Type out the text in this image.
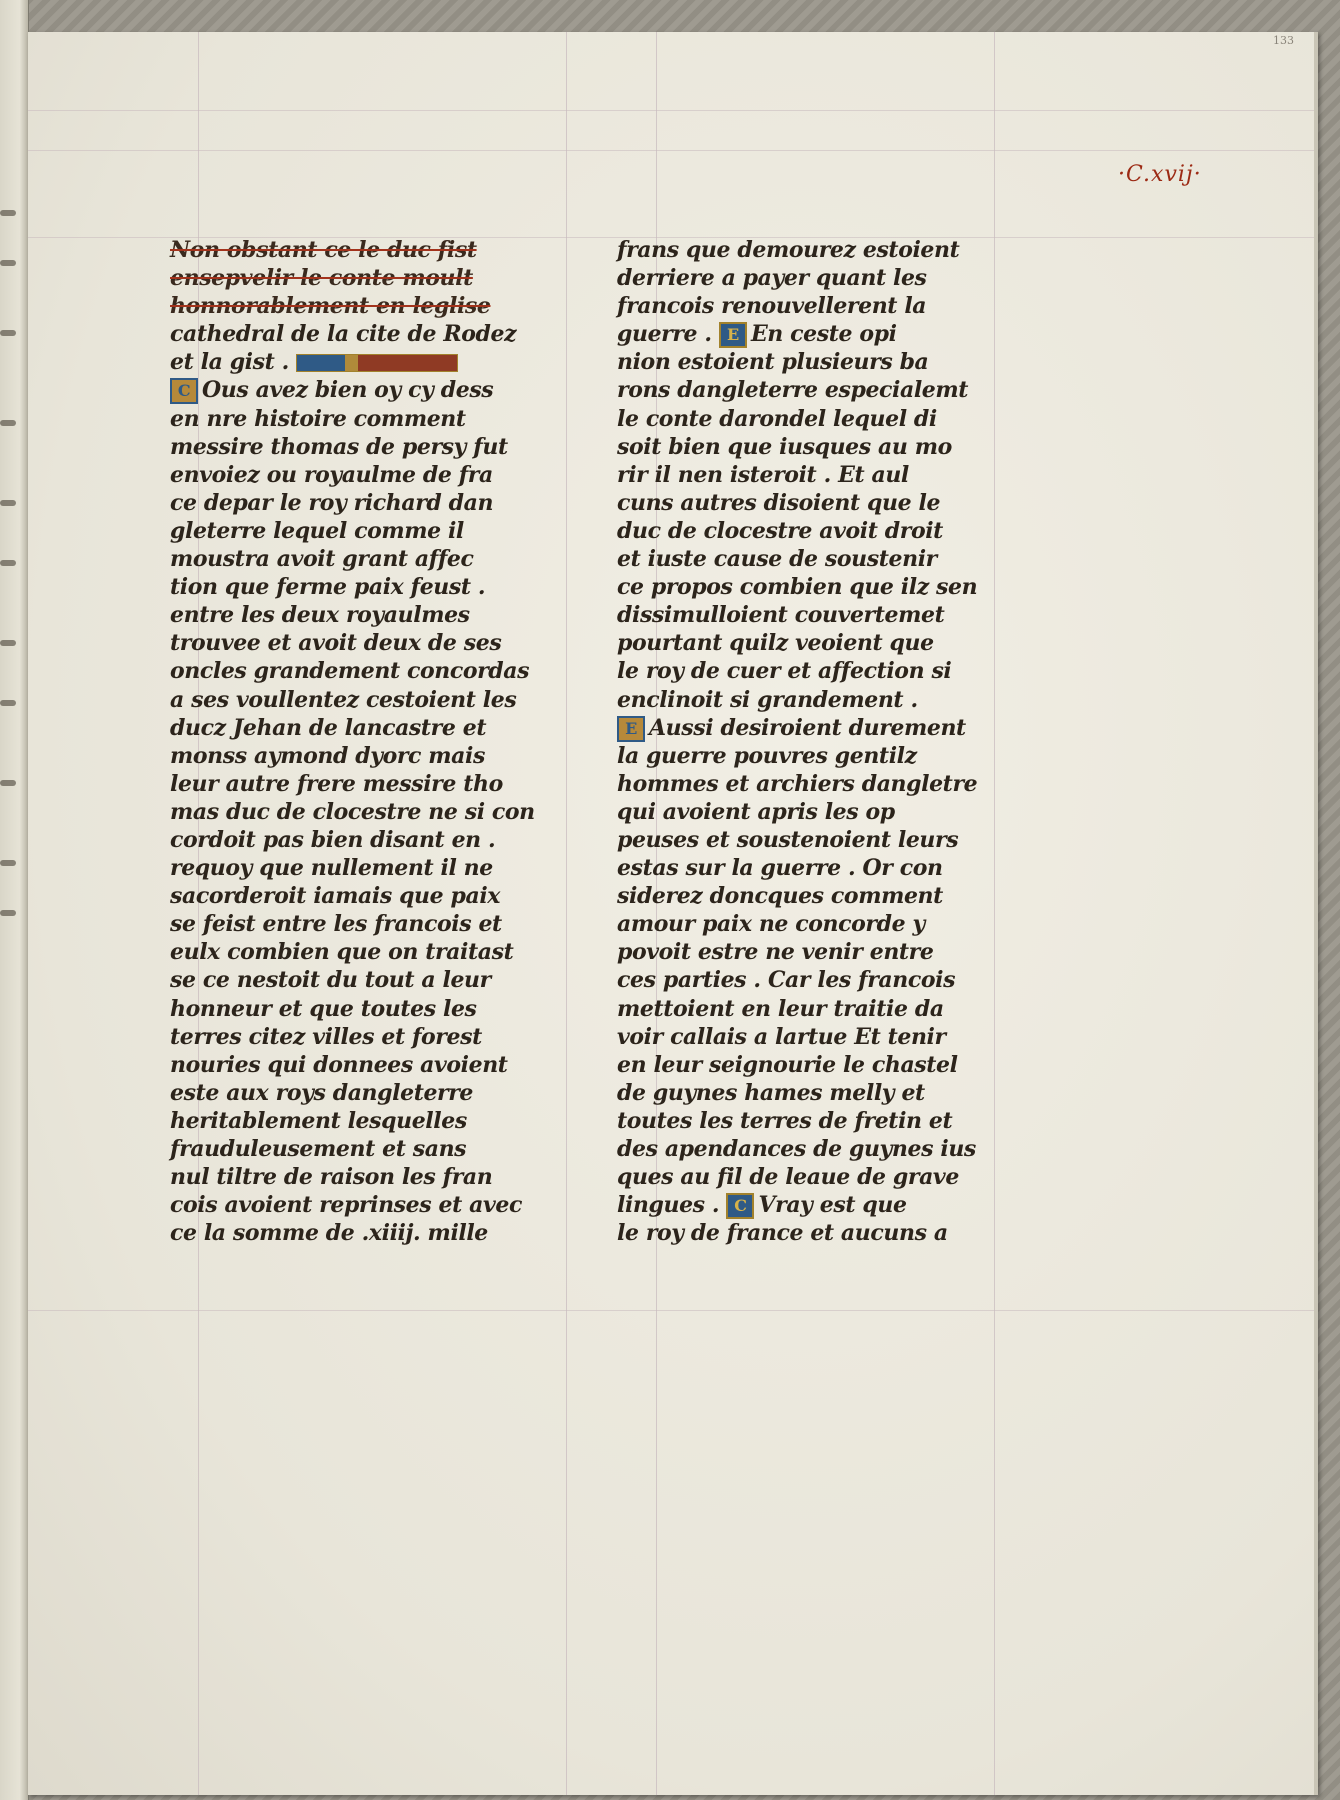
133
·C.xvij·
Non obstant ce le duc fist
ensepvelir le conte moult
honnorablement en leglise
cathedral de la cite de Rodez
et la gist .
C Ous avez bien oy cy dess
en nre histoire comment
messire thomas de persy fut
envoiez ou royaulme de fra
ce depar le roy richard dan
gleterre lequel comme il
moustra avoit grant affec
tion que ferme paix feust .
entre les deux royaulmes
trouvee et avoit deux de ses
oncles grandement concordas
a ses voullentez cestoient les
ducz Jehan de lancastre et
monss aymond dyorc mais
leur autre frere messire tho
mas duc de clocestre ne si con
cordoit pas bien disant en .
requoy que nullement il ne
sacorderoit iamais que paix
se feist entre les francois et
eulx combien que on traitast
se ce nestoit du tout a leur
honneur et que toutes les
terres citez villes et forest
nouries qui donnees avoient
este aux roys dangleterre
heritablement lesquelles
frauduleusement et sans
nul tiltre de raison les fran
cois avoient reprinses et avec
ce la somme de .xiiij. mille
frans que demourez estoient
derriere a payer quant les
francois renouvellerent la
guerre . E En ceste opi
nion estoient plusieurs ba
rons dangleterre especialemt
le conte darondel lequel di
soit bien que iusques au mo
rir il nen isteroit . Et aul
cuns autres disoient que le
duc de clocestre avoit droit
et iuste cause de soustenir
ce propos combien que ilz sen
dissimulloient couvertemet
pourtant quilz veoient que
le roy de cuer et affection si
enclinoit si grandement .
E Aussi desiroient durement
la guerre pouvres gentilz
hommes et archiers dangletre
qui avoient apris les op
peuses et soustenoient leurs
estas sur la guerre . Or con
siderez doncques comment
amour paix ne concorde y
povoit estre ne venir entre
ces parties . Car les francois
mettoient en leur traitie da
voir callais a lartue Et tenir
en leur seignourie le chastel
de guynes hames melly et
toutes les terres de fretin et
des apendances de guynes ius
ques au fil de leaue de grave
lingues . C Vray est que
le roy de france et aucuns a
